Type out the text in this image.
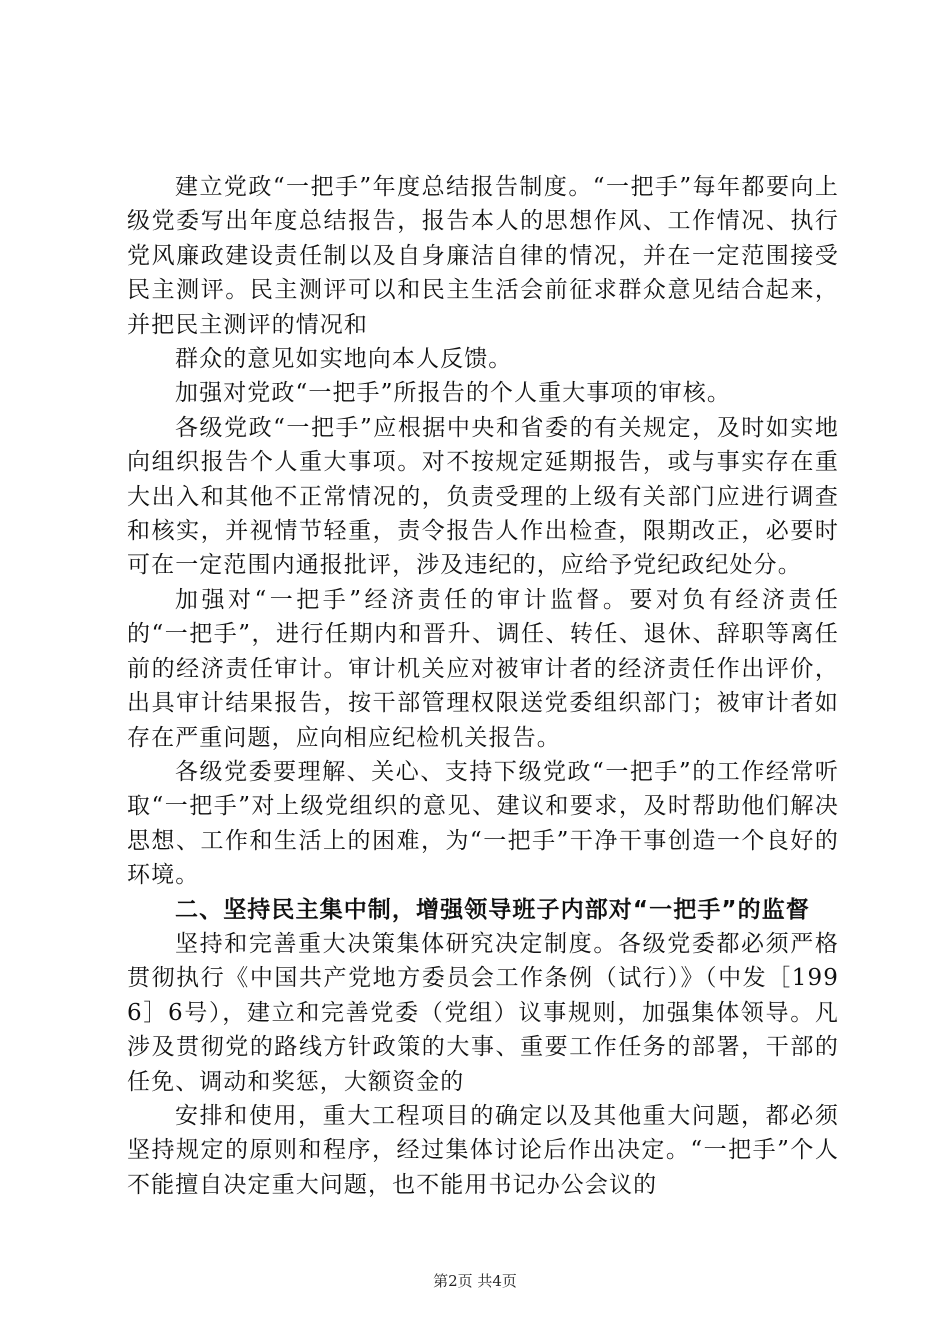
建立党政“一把手”年度总结报告制度。“一把手”每年都要向上级党委写出年度总结报告，报告本人的思想作风、工作情况、执行党风廉政建设责任制以及自身廉洁自律的情况，并在一定范围接受民主测评。民主测评可以和民主生活会前征求群众意见结合起来，并把民主测评的情况和

群众的意见如实地向本人反馈。

加强对党政“一把手”所报告的个人重大事项的审核。

各级党政“一把手”应根据中央和省委的有关规定，及时如实地向组织报告个人重大事项。对不按规定延期报告，或与事实存在重大出入和其他不正常情况的，负责受理的上级有关部门应进行调查和核实，并视情节轻重，责令报告人作出检查，限期改正，必要时可在一定范围内通报批评，涉及违纪的，应给予党纪政纪处分。

加强对“一把手”经济责任的审计监督。要对负有经济责任的“一把手”，进行任期内和晋升、调任、转任、退休、辞职等离任前的经济责任审计。审计机关应对被审计者的经济责任作出评价，出具审计结果报告，按干部管理权限送党委组织部门；被审计者如存在严重问题，应向相应纪检机关报告。

各级党委要理解、关心、支持下级党政“一把手”的工作经常听取“一把手”对上级党组织的意见、建议和要求，及时帮助他们解决思想、工作和生活上的困难，为“一把手”干净干事创造一个良好的环境。

二、坚持民主集中制，增强领导班子内部对“一把手”的监督

坚持和完善重大决策集体研究决定制度。各级党委都必须严格贯彻执行《中国共产党地方委员会工作条例（试行）》（中发［1996］6号），建立和完善党委（党组）议事规则，加强集体领导。凡涉及贯彻党的路线方针政策的大事、重要工作任务的部署，干部的任免、调动和奖惩，大额资金的

安排和使用，重大工程项目的确定以及其他重大问题，都必须坚持规定的原则和程序，经过集体讨论后作出决定。“一把手”个人不能擅自决定重大问题，也不能用书记办公会议的

第2页 共4页
